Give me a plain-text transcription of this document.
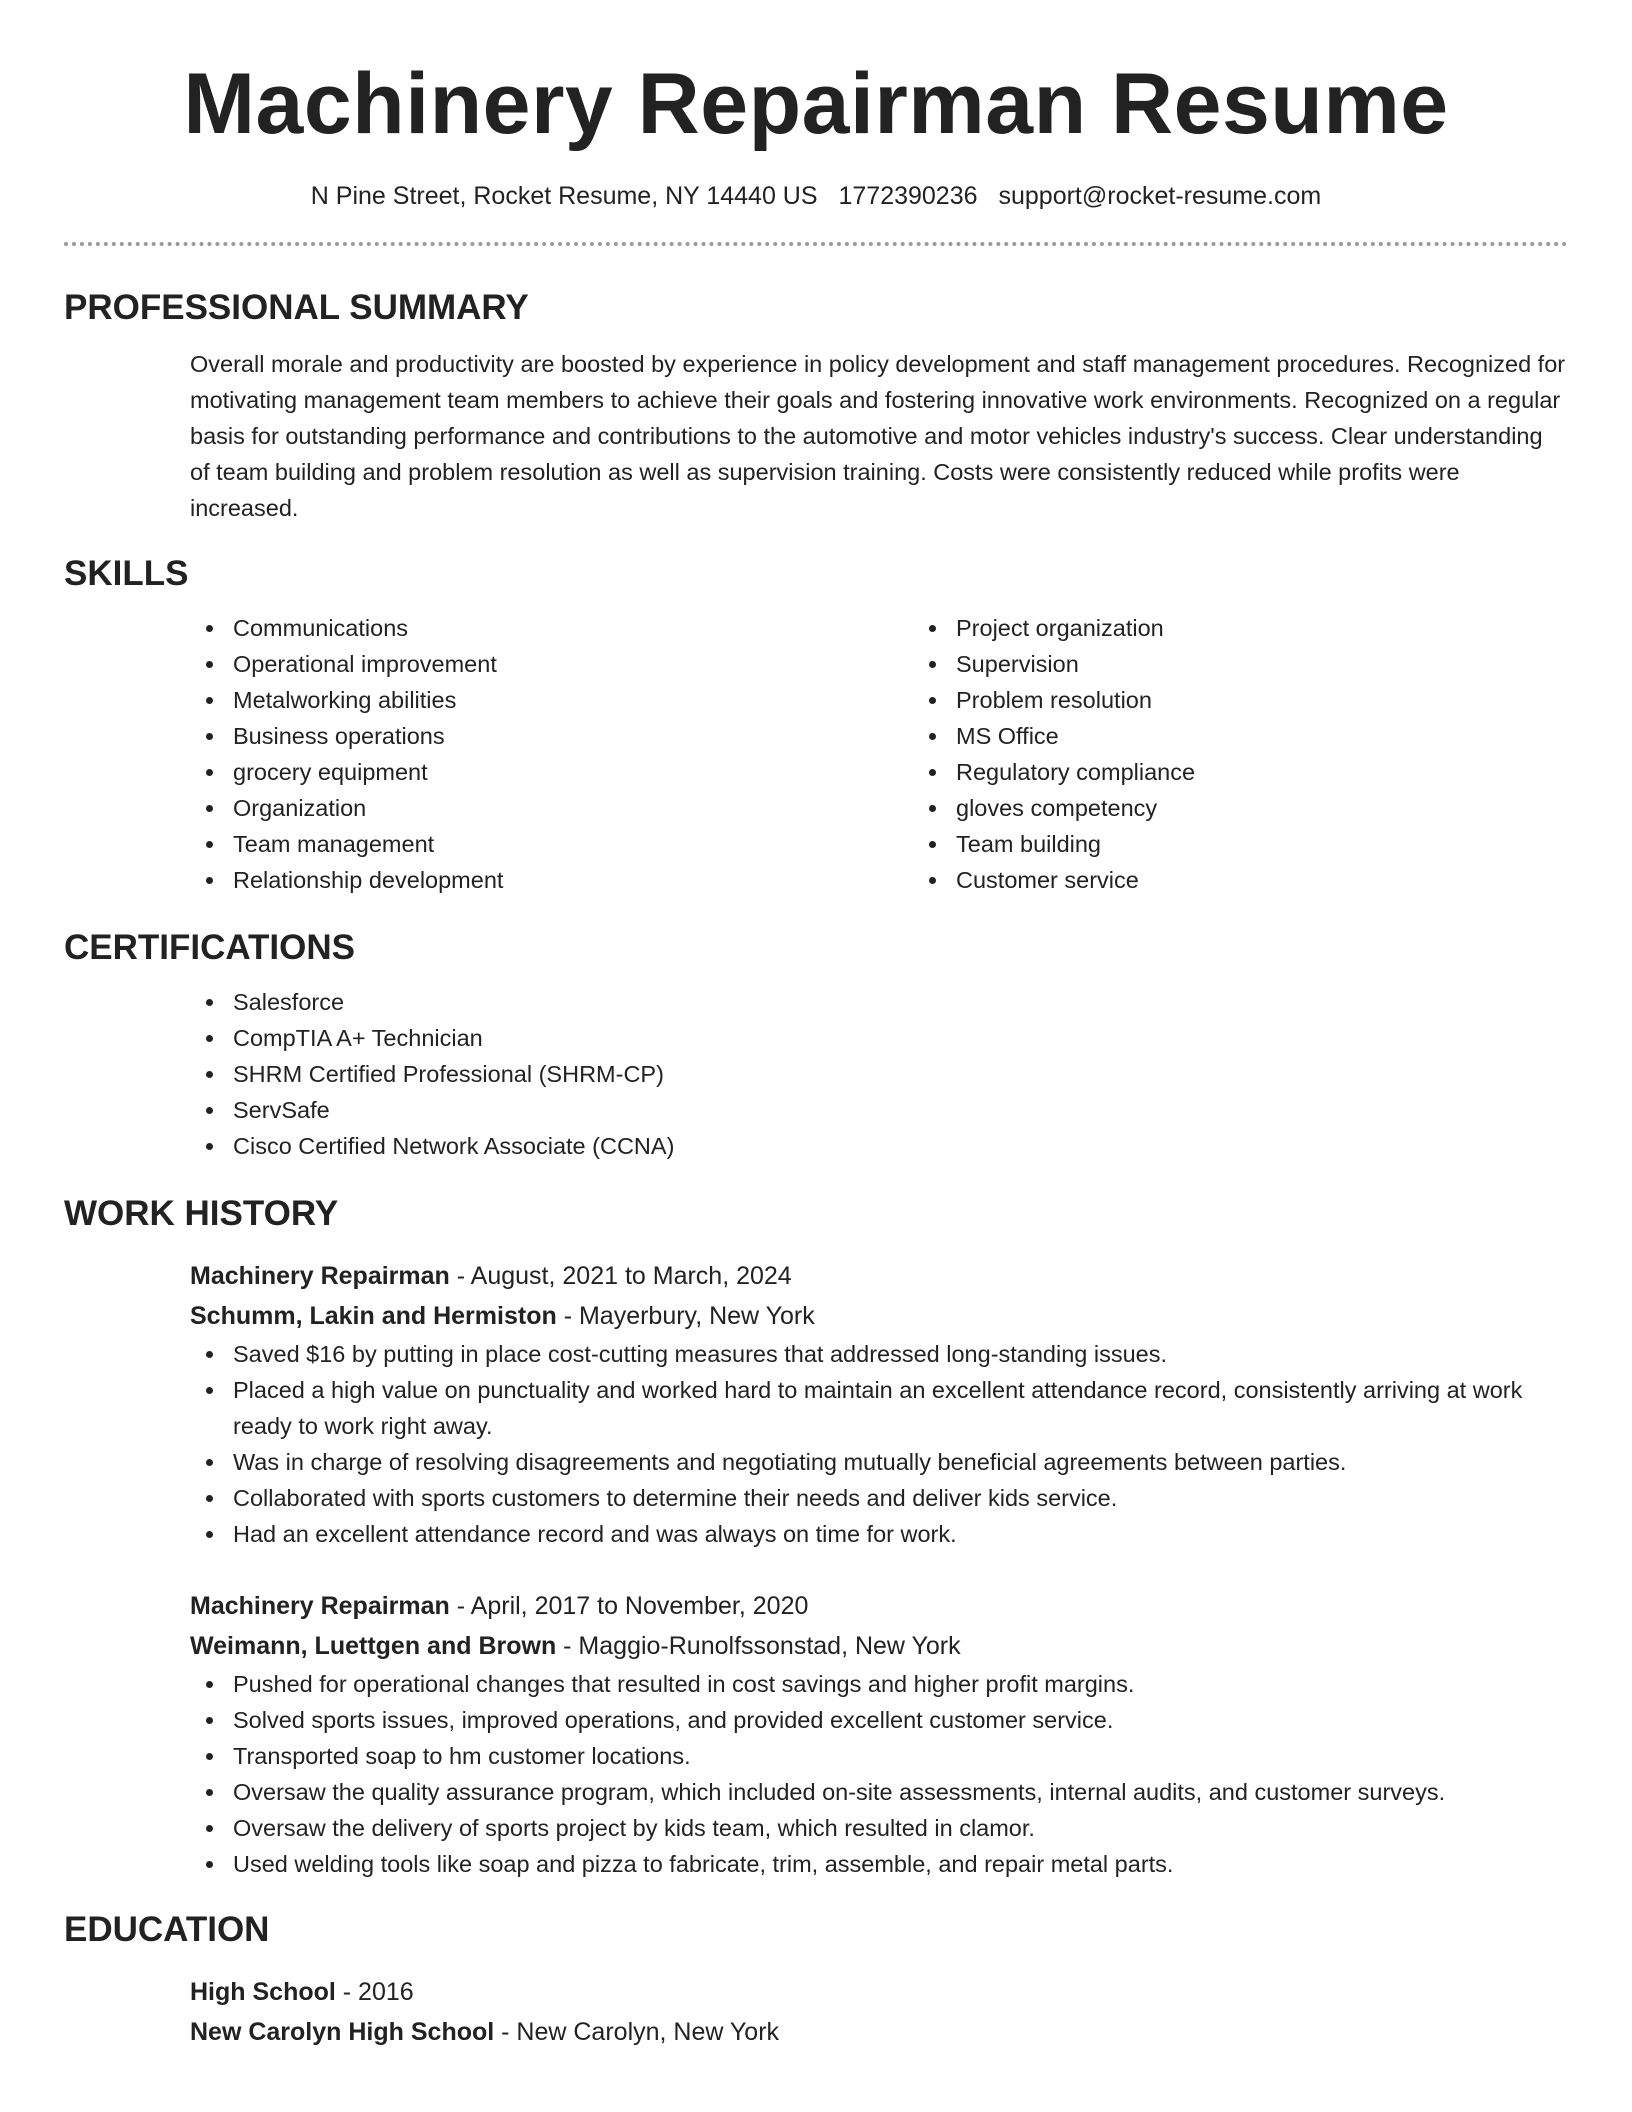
Machinery Repairman Resume
N Pine Street, Rocket Resume, NY 14440 US 1772390236 support@rocket-resume.com
PROFESSIONAL SUMMARY
Overall morale and productivity are boosted by experience in policy development and staff management procedures. Recognized for motivating management team members to achieve their goals and fostering innovative work environments. Recognized on a regular basis for outstanding performance and contributions to the automotive and motor vehicles industry's success. Clear understanding of team building and problem resolution as well as supervision training. Costs were consistently reduced while profits were increased.
SKILLS
Communications
Operational improvement
Metalworking abilities
Business operations
grocery equipment
Organization
Team management
Relationship development
Project organization
Supervision
Problem resolution
MS Office
Regulatory compliance
gloves competency
Team building
Customer service
CERTIFICATIONS
Salesforce
CompTIA A+ Technician
SHRM Certified Professional (SHRM-CP)
ServSafe
Cisco Certified Network Associate (CCNA)
WORK HISTORY
Machinery Repairman - August, 2021 to March, 2024
Schumm, Lakin and Hermiston - Mayerbury, New York
Saved $16 by putting in place cost-cutting measures that addressed long-standing issues.
Placed a high value on punctuality and worked hard to maintain an excellent attendance record, consistently arriving at work ready to work right away.
Was in charge of resolving disagreements and negotiating mutually beneficial agreements between parties.
Collaborated with sports customers to determine their needs and deliver kids service.
Had an excellent attendance record and was always on time for work.
Machinery Repairman - April, 2017 to November, 2020
Weimann, Luettgen and Brown - Maggio-Runolfssonstad, New York
Pushed for operational changes that resulted in cost savings and higher profit margins.
Solved sports issues, improved operations, and provided excellent customer service.
Transported soap to hm customer locations.
Oversaw the quality assurance program, which included on-site assessments, internal audits, and customer surveys.
Oversaw the delivery of sports project by kids team, which resulted in clamor.
Used welding tools like soap and pizza to fabricate, trim, assemble, and repair metal parts.
EDUCATION
High School - 2016
New Carolyn High School - New Carolyn, New York
